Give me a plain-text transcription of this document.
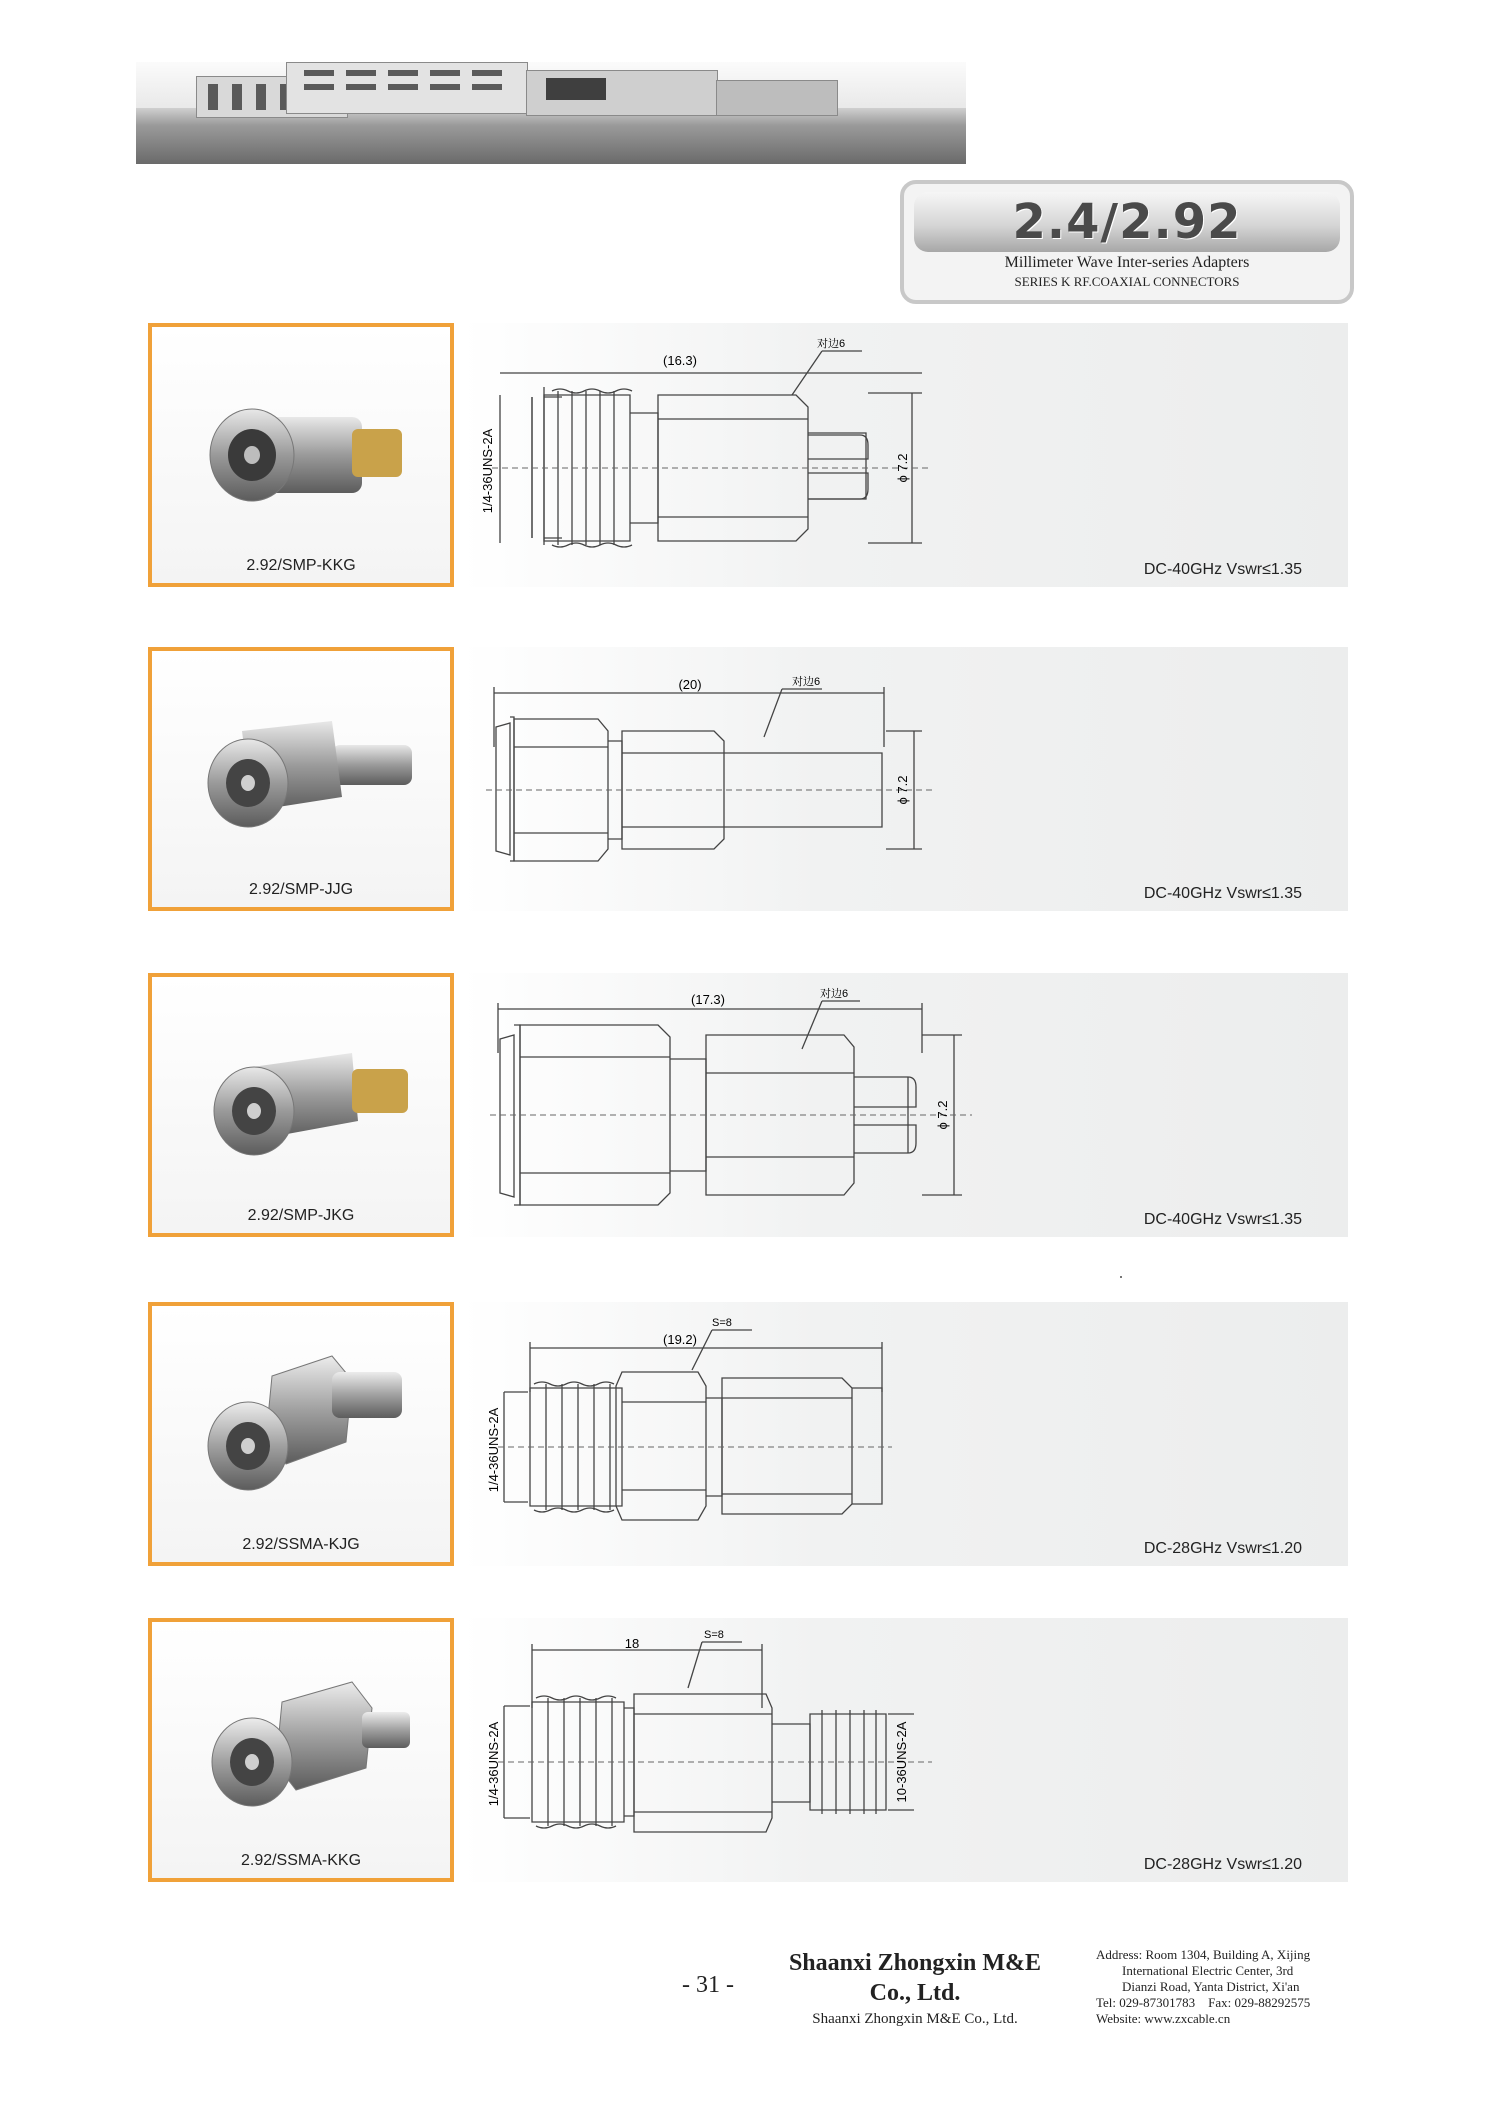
2.4/2.92
Millimeter Wave Inter-series Adapters
SERIES K RF.COAXIAL CONNECTORS
2.92/SMP-KKG
(16.3)
对边6
1/4-36UNS-2A	ϕ 7.2
DC-40GHz Vswr≤1.35
2.92/SMP-JJG
(20)	对边6
ϕ 7.2
DC-40GHz Vswr≤1.35
2.92/SMP-JKG
(17.3)	对边6
ϕ 7.2
DC-40GHz Vswr≤1.35
2.92/SSMA-KJG
(19.2)
S=8
1/4-36UNS-2A
DC-28GHz Vswr≤1.20
2.92/SSMA-KKG
18
S=8
1/4-36UNS-2A	10-36UNS-2A
DC-28GHz Vswr≤1.20
- 31 -
Shaanxi Zhongxin M&E
Co., Ltd.
Shaanxi Zhongxin M&E Co., Ltd.
Address: Room 1304, Building A, Xijing
International Electric Center, 3rd
Dianzi Road, Yanta District, Xi'an
Tel: 029-87301783    Fax: 029-88292575
Website: www.zxcable.cn
